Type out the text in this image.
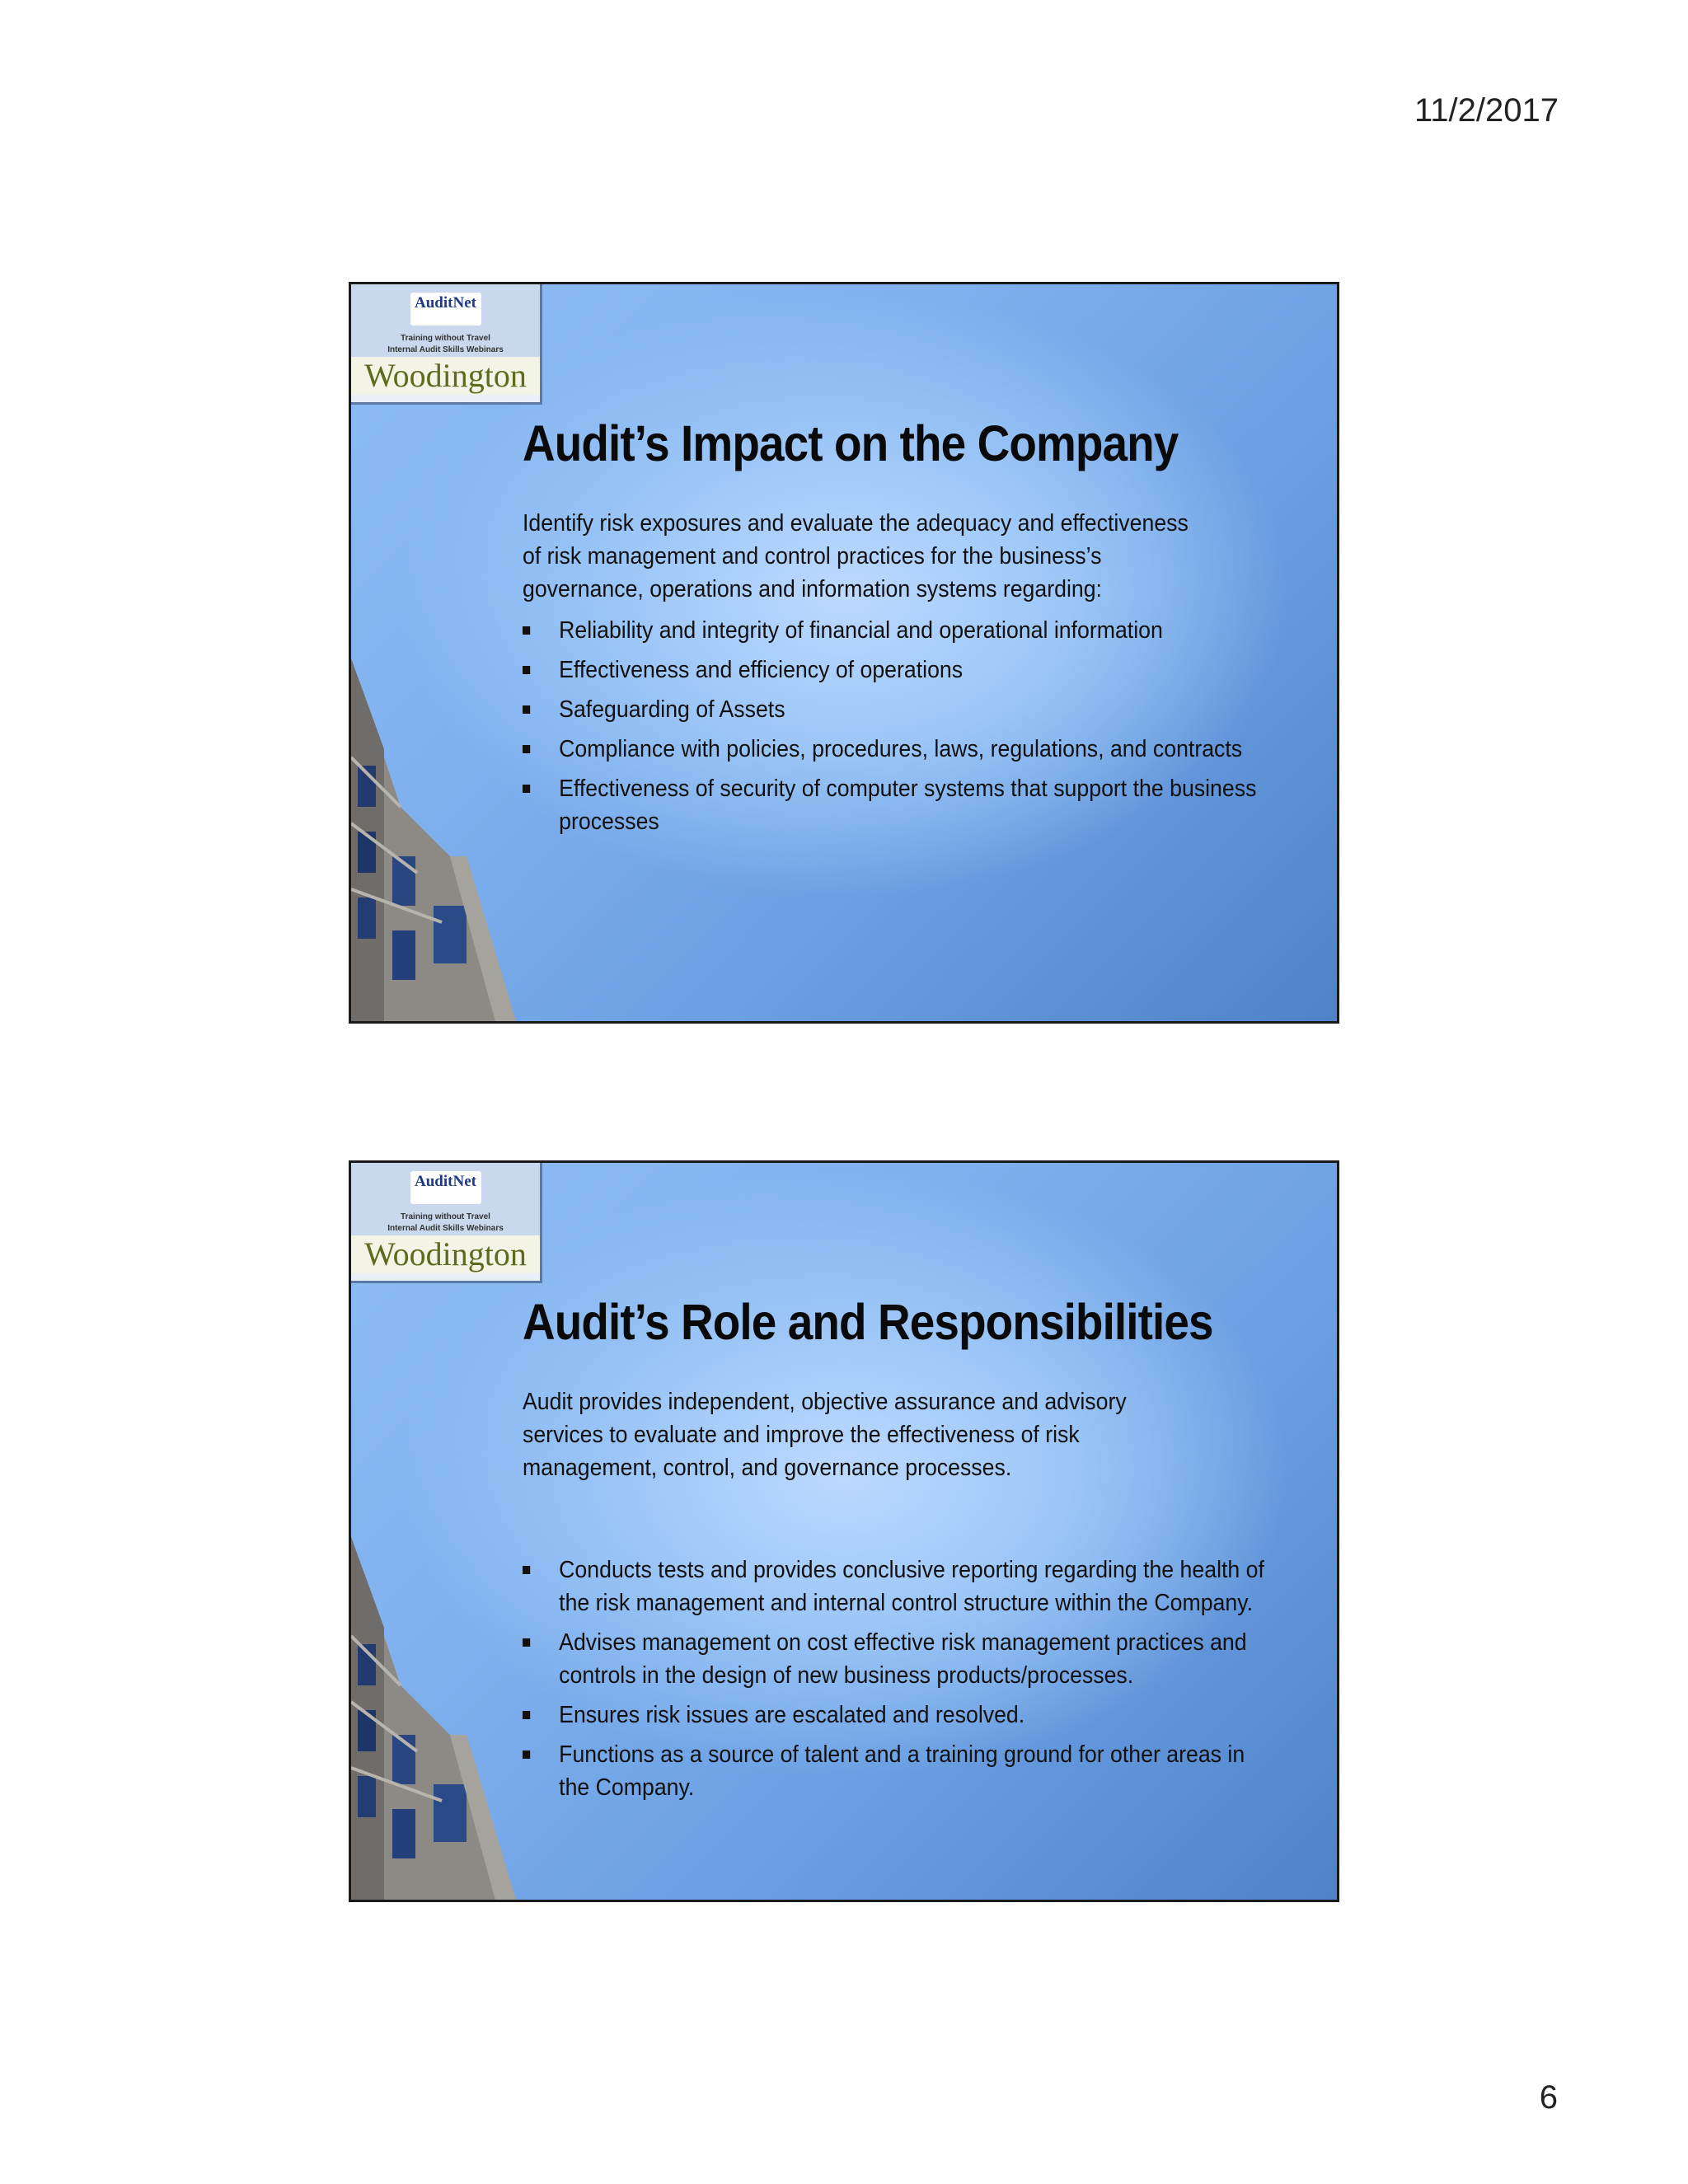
11/2/2017
AuditNet
Training without Travel
Internal Audit Skills Webinars
Woodington
Audit’s Impact on the Company
Identify risk exposures and evaluate the adequacy and effectiveness of risk management and control practices for the business’s governance, operations and information systems regarding:
Reliability and integrity of financial and operational information
Effectiveness and efficiency of operations
Safeguarding of Assets
Compliance with policies, procedures, laws, regulations, and contracts
Effectiveness of security of computer systems that support the business processes
AuditNet
Training without Travel
Internal Audit Skills Webinars
Woodington
Audit’s Role and Responsibilities
Audit provides independent, objective assurance and advisory services to evaluate and improve the effectiveness of risk management, control, and governance processes.
Conducts tests and provides conclusive reporting regarding the health of the risk management and internal control structure within the Company.
Advises management on cost effective risk management practices and controls in the design of new business products/processes.
Ensures risk issues are escalated and resolved.
Functions as a source of talent and a training ground for other areas in the Company.
6
